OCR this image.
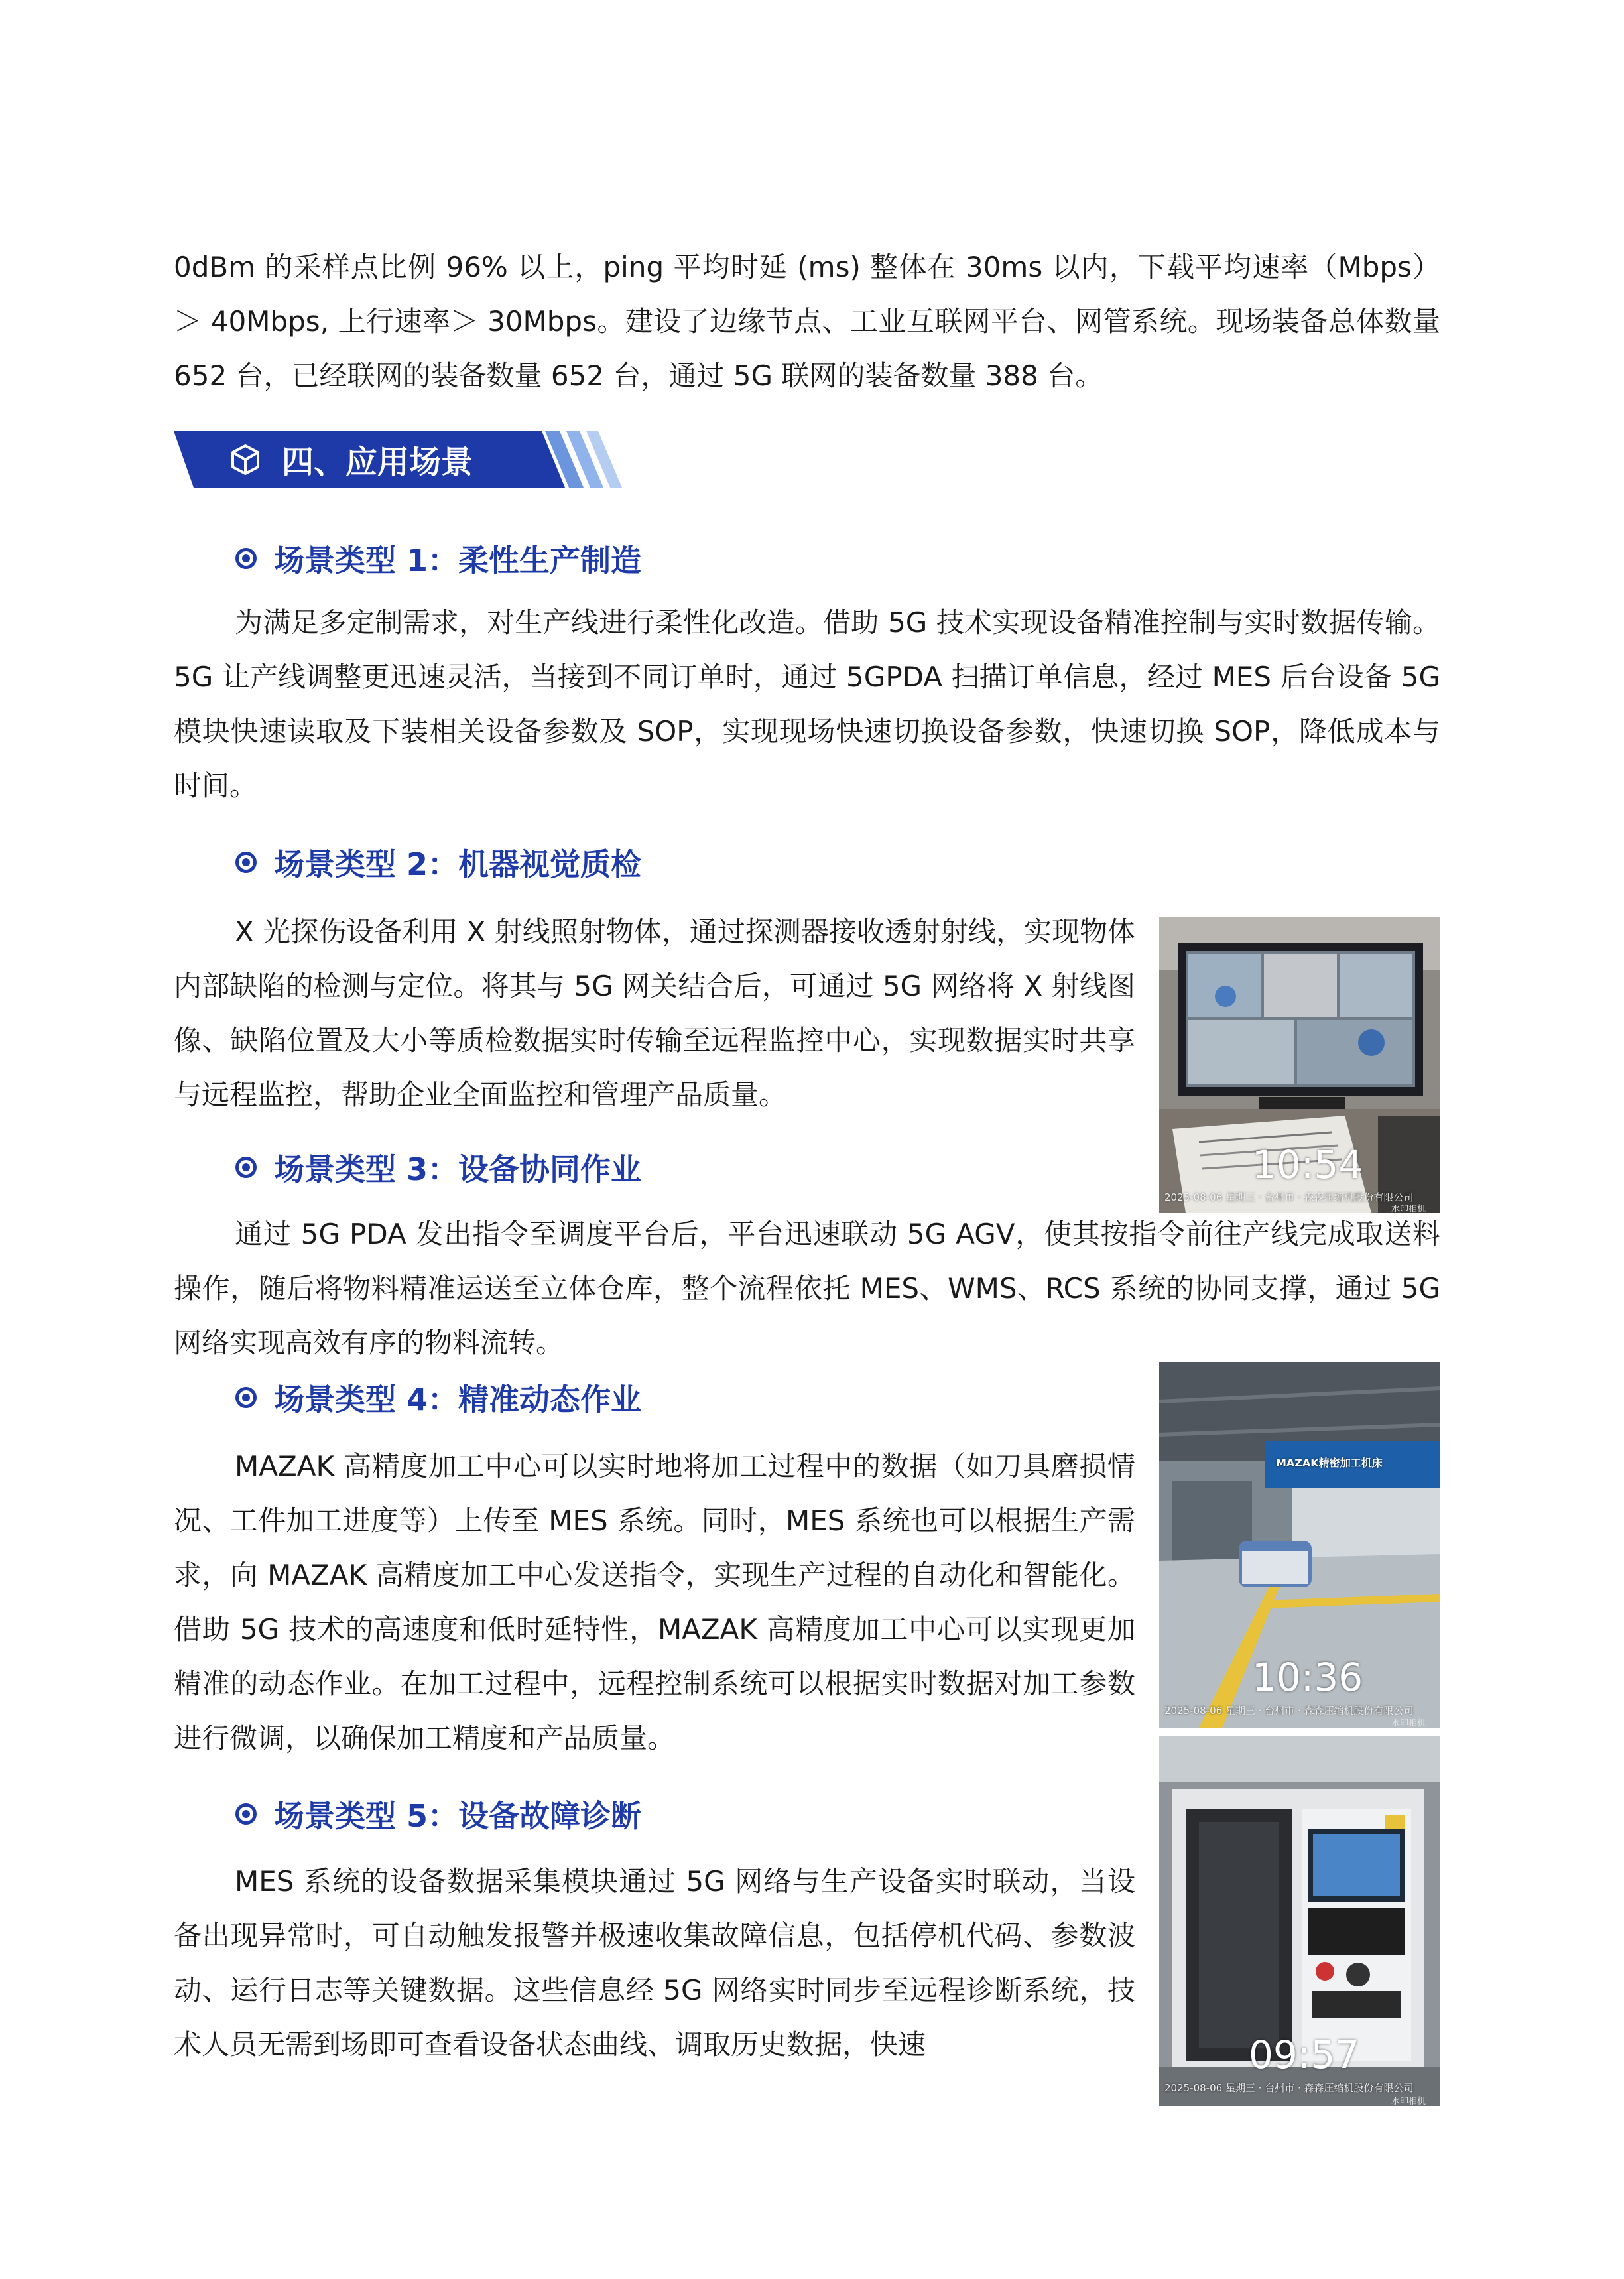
0dBm 的采样点比例 96% 以上，ping 平均时延 (ms) 整体在 30ms 以内，下载平均速率（Mbps）＞ 40Mbps, 上行速率＞ 30Mbps。建设了边缘节点、工业互联网平台、网管系统。现场装备总体数量 652 台，已经联网的装备数量 652 台，通过 5G 联网的装备数量 388 台。

四、应用场景
场景类型 1：柔性生产制造

为满足多定制需求，对生产线进行柔性化改造。借助 5G 技术实现设备精准控制与实时数据传输。5G 让产线调整更迅速灵活，当接到不同订单时，通过 5GPDA 扫描订单信息，经过 MES 后台设备 5G 模块快速读取及下装相关设备参数及 SOP，实现现场快速切换设备参数，快速切换 SOP，降低成本与时间。

场景类型 2：机器视觉质检

X 光探伤设备利用 X 射线照射物体，通过探测器接收透射射线，实现物体内部缺陷的检测与定位。将其与 5G 网关结合后，可通过 5G 网络将 X 射线图像、缺陷位置及大小等质检数据实时传输至远程监控中心，实现数据实时共享与远程监控，帮助企业全面监控和管理产品质量。

10:54
2025-08-06 星期三 · 台州市 · 森森压缩机股份有限公司
水印相机
场景类型 3：设备协同作业

通过 5G PDA 发出指令至调度平台后，平台迅速联动 5G AGV，使其按指令前往产线完成取送料操作，随后将物料精准运送至立体仓库，整个流程依托 MES、WMS、RCS 系统的协同支撑，通过 5G 网络实现高效有序的物料流转。

场景类型 4：精准动态作业

MAZAK 高精度加工中心可以实时地将加工过程中的数据（如刀具磨损情况、工件加工进度等）上传至 MES 系统。同时，MES 系统也可以根据生产需求，向 MAZAK 高精度加工中心发送指令，实现生产过程的自动化和智能化。借助 5G 技术的高速度和低时延特性，MAZAK 高精度加工中心可以实现更加精准的动态作业。在加工过程中，远程控制系统可以根据实时数据对加工参数进行微调，以确保加工精度和产品质量。

MAZAK精密加工机床
10:36
2025-08-06 星期三 · 台州市 · 森森压缩机股份有限公司
水印相机
场景类型 5：设备故障诊断

MES 系统的设备数据采集模块通过 5G 网络与生产设备实时联动，当设备出现异常时，可自动触发报警并极速收集故障信息，包括停机代码、参数波动、运行日志等关键数据。这些信息经 5G 网络实时同步至远程诊断系统，技术人员无需到场即可查看设备状态曲线、调取历史数据，快速	09:57
2025-08-06 星期三 · 台州市 · 森森压缩机股份有限公司
水印相机
